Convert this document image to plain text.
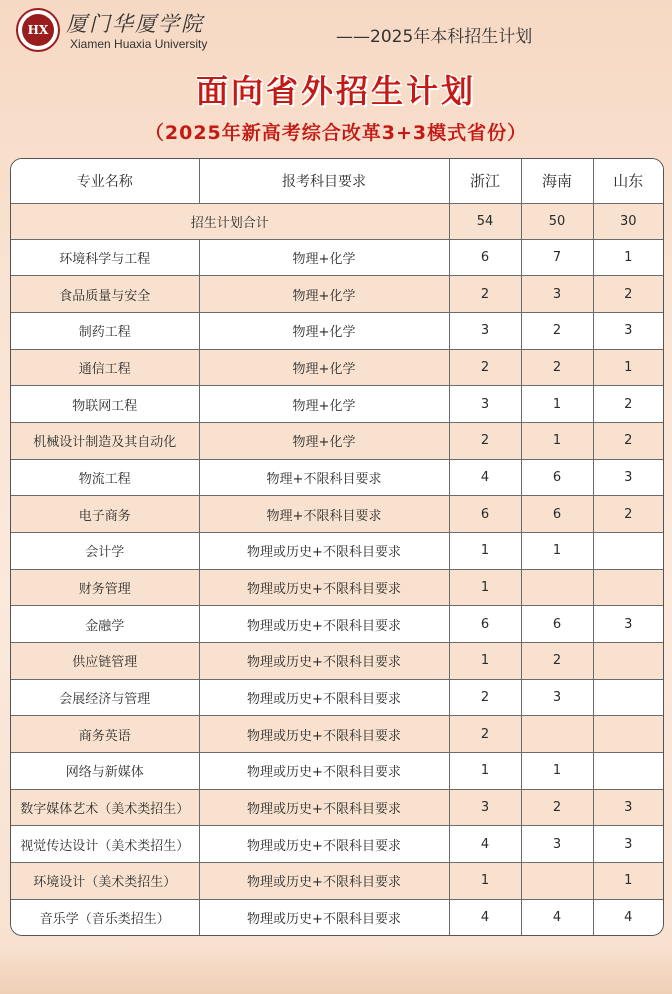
HX 厦门华厦学院
Xiamen Huaxia University	——2025年本科招生计划
面向省外招生计划
（2025年新高考综合改革3+3模式省份）
专业名称	报考科目要求	浙江	海南	山东
招生计划合计		54	50	30
环境科学与工程	物理+化学	6	7	1
食品质量与安全	物理+化学	2	3	2
制药工程	物理+化学	3	2	3
通信工程	物理+化学	2	2	1
物联网工程	物理+化学	3	1	2
机械设计制造及其自动化	物理+化学	2	1	2
物流工程	物理+不限科目要求	4	6	3
电子商务	物理+不限科目要求	6	6	2
会计学	物理或历史+不限科目要求	1	1	
财务管理	物理或历史+不限科目要求	1		
金融学	物理或历史+不限科目要求	6	6	3
供应链管理	物理或历史+不限科目要求	1	2	
会展经济与管理	物理或历史+不限科目要求	2	3	
商务英语	物理或历史+不限科目要求	2		
网络与新媒体	物理或历史+不限科目要求	1	1	
数字媒体艺术（美术类招生）	物理或历史+不限科目要求	3	2	3
视觉传达设计（美术类招生）	物理或历史+不限科目要求	4	3	3
环境设计（美术类招生）	物理或历史+不限科目要求	1		1
音乐学（音乐类招生）	物理或历史+不限科目要求	4	4	4
